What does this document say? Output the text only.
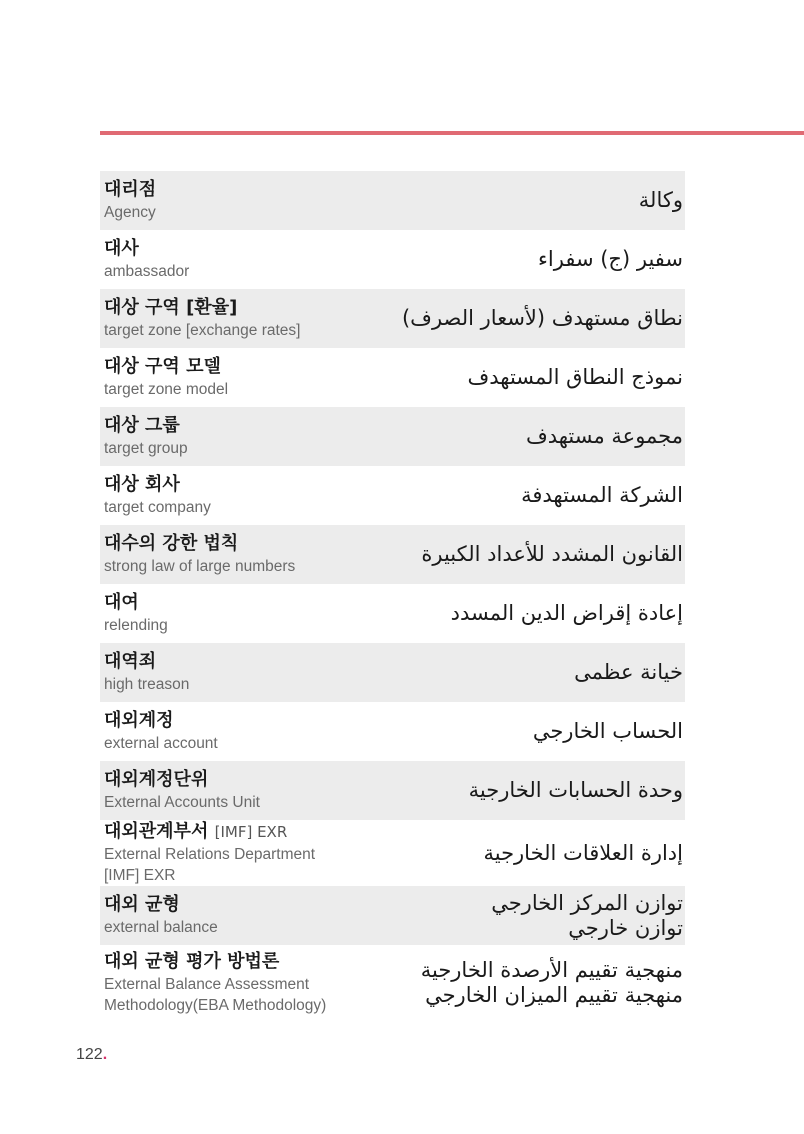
대리점
Agency
وكالة
대사
ambassador
سفير (ج) سفراء
대상 구역 [환율]
target zone [exchange rates]
نطاق مستهدف (لأسعار الصرف)
대상 구역 모델
target zone model
نموذج النطاق المستهدف
대상 그룹
target group
مجموعة مستهدف
대상 회사
target company
الشركة المستهدفة
대수의 강한 법칙
strong law of large numbers
القانون المشدد للأعداد الكبيرة
대여
relending
إعادة إقراض الدين المسدد
대역죄
high treason
خيانة عظمى
대외계정
external account
الحساب الخارجي
대외계정단위
External Accounts Unit
وحدة الحسابات الخارجية
대외관계부서 [IMF] EXR
External Relations Department
[IMF] EXR
إدارة العلاقات الخارجية
대외 균형
external balance
توازن المركز الخارجي
توازن خارجي
대외 균형 평가 방법론
External Balance Assessment
Methodology(EBA Methodology)
منهجية تقييم الأرصدة الخارجية
منهجية تقييم الميزان الخارجي
122.
